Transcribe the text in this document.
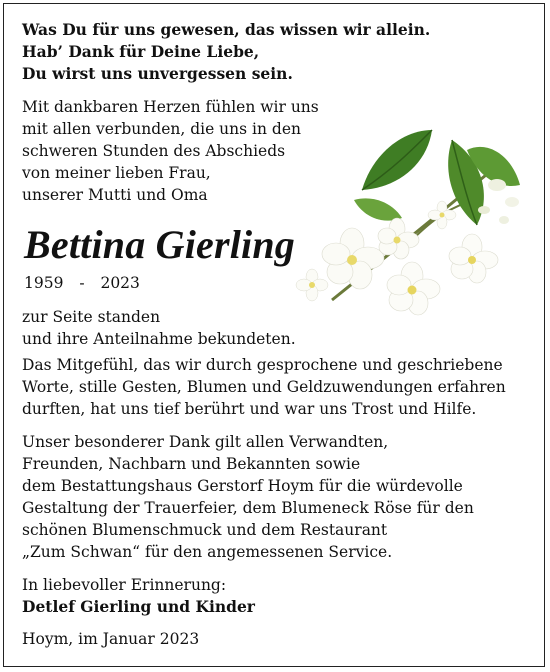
Was Du für uns gewesen, das wissen wir allein.
Hab’ Dank für Deine Liebe,
Du wirst uns unvergessen sein.
Mit dankbaren Herzen fühlen wir uns
mit allen verbunden, die uns in den
schweren Stunden des Abschieds
von meiner lieben Frau,
unserer Mutti und Oma
Bettina Gierling
1959 - 2023
zur Seite standen
und ihre Anteilnahme bekundeten.
Das Mitgefühl, das wir durch gesprochene und geschriebene
Worte, stille Gesten, Blumen und Geldzuwendungen erfahren
durften, hat uns tief berührt und war uns Trost und Hilfe.
Unser besonderer Dank gilt allen Verwandten,
Freunden, Nachbarn und Bekannten sowie
dem Bestattungshaus Gerstorf Hoym für die würdevolle
Gestaltung der Trauerfeier, dem Blumeneck Röse für den
schönen Blumenschmuck und dem Restaurant
„Zum Schwan“ für den angemessenen Service.
In liebevoller Erinnerung:
Detlef Gierling und Kinder
Hoym, im Januar 2023
